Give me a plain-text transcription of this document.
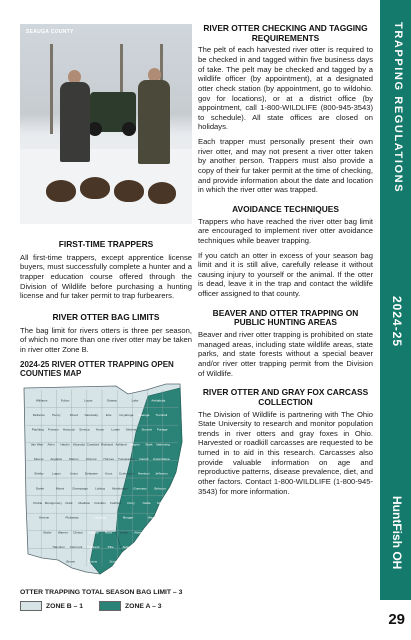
SEAUGA COUNTY
FIRST-TIME TRAPPERS

All first-time trappers, except apprentice license buyers, must successfully complete a hunter and a trapper education course offered through the Division of Wildlife before purchasing a hunting license and fur taker permit to trap furbearers.

RIVER OTTER BAG LIMITS

The bag limit for rivers otters is three per season, of which no more than one river otter may be taken in river otter Zone B.

2024-25 RIVER OTTER TRAPPING OPEN COUNTIES MAP
Williams	Fulton	Lucas	Ottawa	Lake	Ashtabula
Defiance Henry	Wood Sandusky	Erie Cuyahoga Geauga Trumbull
Paulding Putnam Hancock Seneca Huron Lorain Medina Summit Portage
Van Wert Allen Hardin Wyandot Crawford Richland Ashland Wayne Stark Mahoning
Mercer Auglaize Marion Morrow Holmes Tuscarawas Carroll Columbiana
Shelby	Logan	Union Delaware Knox Coshocton Harrison Jefferson
Darke	Miami	Champaign Licking Muskingum Guernsey Belmont
Preble Montgomery Clark Madison Franklin Fairfield Perry	Noble Monroe
Greene	Pickaway	Hocking	Morgan	Washington
Butler Warren Clinton Fayette Ross Vinton Athens Meigs
Hamilton Clermont Highland	Pike	Jackson Gallia
Brown	Adams	Scioto	Lawrence
OTTER TRAPPING TOTAL SEASON BAG LIMIT – 3
ZONE B – 1	ZONE A – 3
RIVER OTTER CHECKING AND TAGGING REQUIREMENTS

The pelt of each harvested river otter is required to be checked in and tagged within five business days of take. The pelt may be checked and tagged by a wildlife officer (by appointment), at a designated otter check station (by appointment, go to wildohio. gov for locations), or at a district office (by appointment, call 1-800-WILDLIFE (800-945-3543) to schedule). All state offices are closed on holidays.

Each trapper must personally present their own river otter, and may not present a river otter taken by another person. Trappers must also provide a copy of their fur taker permit at the time of checking, and provide information about the date and location in which the river otter was trapped.

AVOIDANCE TECHNIQUES

Trappers who have reached the river otter bag limit are encouraged to implement river otter avoidance techniques while beaver trapping.

If you catch an otter in excess of your season bag limit and it is still alive, carefully release it without causing injury to yourself or the animal. If the otter is dead, leave it in the trap and contact the wildlife officer assigned to that county.

BEAVER AND OTTER TRAPPING ON PUBLIC HUNTING AREAS

Beaver and river otter trapping is prohibited on state managed areas, including state wildlife areas, state parks, and state forests without a special beaver and/or river otter trapping permit from the Division of Wildlife.

RIVER OTTER AND GRAY FOX CARCASS COLLECTION

The Division of Wildlife is partnering with The Ohio State University to research and monitor population trends in river otters and gray foxes in Ohio. Harvested or roadkill carcasses are requested to be turned in to aid in this research. Carcasses also provide valuable information on age and reproductive patterns, disease prevalence, diet, and other factors. Contact 1-800-WILDLIFE (1-800-945-3543) for more information.

TRAPPING REGULATIONS
2024-25
HuntFish OH
29
